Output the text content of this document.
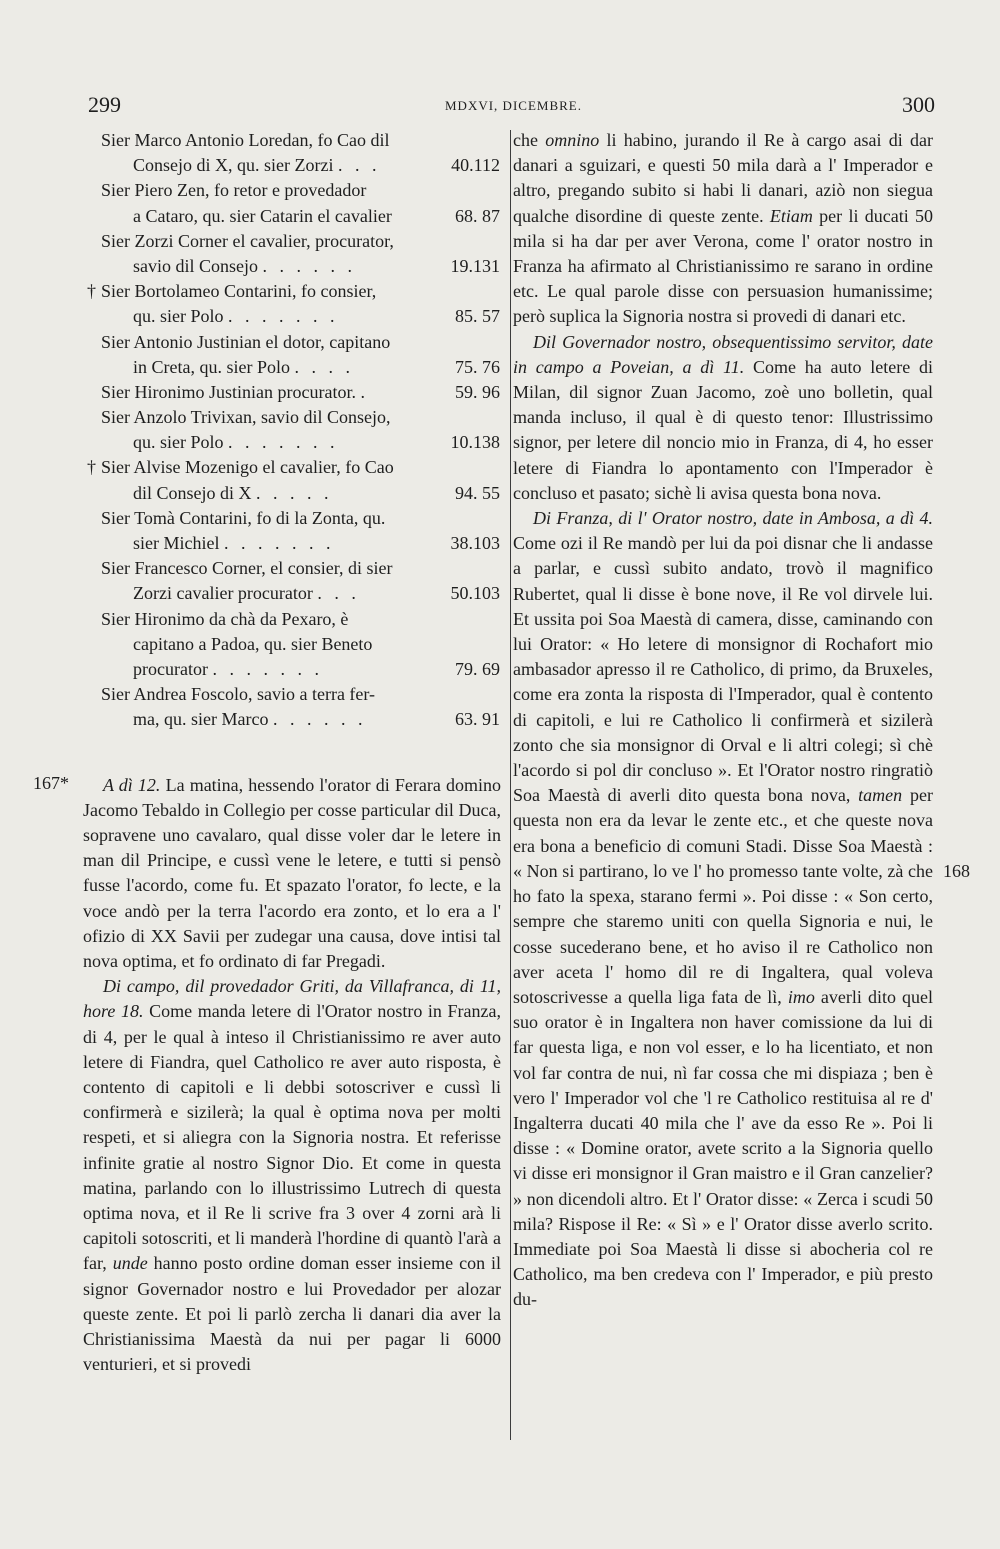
299	MDXVI, DICEMBRE.	300
167*
168
Sier Marco Antonio Loredan, fo Cao dil
Consejo di X, qu. sier Zorzi . . .	40.112
Sier Piero Zen, fo retor e provedador
a Cataro, qu. sier Catarin el cavalier	68. 87
Sier Zorzi Corner el cavalier, procurator,
savio dil Consejo . . . . . .	19.131
† Sier Bortolameo Contarini, fo consier,
qu. sier Polo . . . . . . .	85. 57
Sier Antonio Justinian el dotor, capitano
in Creta, qu. sier Polo . . . .	75. 76
Sier Hironimo Justinian procurator. .	59. 96
Sier Anzolo Trivixan, savio dil Consejo,
qu. sier Polo . . . . . . .	10.138
† Sier Alvise Mozenigo el cavalier, fo Cao
dil Consejo di X . . . . .	94. 55
Sier Tomà Contarini, fo di la Zonta, qu.
sier Michiel . . . . . . .	38.103
Sier Francesco Corner, el consier, di sier
Zorzi cavalier procurator . . .	50.103
Sier Hironimo da chà da Pexaro, è
capitano a Padoa, qu. sier Beneto
procurator . . . . . . .	79. 69
Sier Andrea Foscolo, savio a terra fer-
ma, qu. sier Marco . . . . . .	63. 91

A dì 12. La matina, hessendo l'orator di Ferara domino Jacomo Tebaldo in Collegio per cosse particular dil Duca, sopravene uno cavalaro, qual disse voler dar le letere in man dil Principe, e cussì vene le letere, e tutti si pensò fusse l'acordo, come fu. Et spazato l'orator, fo lecte, e la voce andò per la terra l'acordo era zonto, et lo era a l' ofizio di XX Savii per zudegar una causa, dove intisi tal nova optima, et fo ordinato di far Pregadi.

Di campo, dil provedador Griti, da Villafranca, di 11, hore 18. Come manda letere di l'Orator nostro in Franza, di 4, per le qual à inteso il Christianissimo re aver auto letere di Fiandra, quel Catholico re aver auto risposta, è contento di capitoli e li debbi sotoscriver e cussì li confirmerà e sizilerà; la qual è optima nova per molti respeti, et si aliegra con la Signoria nostra. Et referisse infinite gratie al nostro Signor Dio. Et come in questa matina, parlando con lo illustrissimo Lutrech di questa optima nova, et il Re li scrive fra 3 over 4 zorni arà li capitoli sotoscriti, et li manderà l'hordine di quantò l'arà a far, unde hanno posto ordine doman esser insieme con il signor Governador nostro e lui Provedador per alozar queste zente. Et poi li parlò zercha li danari dia aver la Christianissima Maestà da nui per pagar li 6000 venturieri, et si provedi

che omnino li habino, jurando il Re à cargo asai di dar danari a sguizari, e questi 50 mila darà a l' Imperador e altro, pregando subito si habi li danari, aziò non siegua qualche disordine di queste zente. Etiam per li ducati 50 mila si ha dar per aver Verona, come l' orator nostro in Franza ha afirmato al Christianissimo re sarano in ordine etc. Le qual parole disse con persuasion humanissime; però suplica la Signoria nostra si provedi di danari etc.

Dil Governador nostro, obsequentissimo servitor, date in campo a Poveian, a dì 11. Come ha auto letere di Milan, dil signor Zuan Jacomo, zoè uno bolletin, qual manda incluso, il qual è di questo tenor: Illustrissimo signor, per letere dil noncio mio in Franza, di 4, ho esser letere di Fiandra lo apontamento con l'Imperador è concluso et pasato; sichè li avisa questa bona nova.

Di Franza, di l' Orator nostro, date in Ambosa, a dì 4. Come ozi il Re mandò per lui da poi disnar che li andasse a parlar, e cussì subito andato, trovò il magnifico Rubertet, qual li disse è bone nove, il Re vol dirvele lui. Et ussita poi Soa Maestà di camera, disse, caminando con lui Orator: « Ho letere di monsignor di Rochafort mio ambasador apresso il re Catholico, di primo, da Bruxeles, come era zonta la risposta di l'Imperador, qual è contento di capitoli, e lui re Catholico li confirmerà et sizilerà zonto che sia monsignor di Orval e li altri colegi; sì chè l'acordo si pol dir concluso ». Et l'Orator nostro ringratiò Soa Maestà di averli dito questa bona nova, tamen per questa non era da levar le zente etc., et che queste nova era bona a beneficio di comuni Stadi. Disse Soa Maestà : « Non si partirano, lo ve l' ho promesso tante volte, zà che ho fato la spexa, starano fermi ». Poi disse : « Son certo, sempre che staremo uniti con quella Signoria e nui, le cosse sucederano bene, et ho aviso il re Catholico non aver aceta l' homo dil re di Ingaltera, qual voleva sotoscrivesse a quella liga fata de lì, imo averli dito quel suo orator è in Ingaltera non haver comissione da lui di far questa liga, e non vol esser, e lo ha licentiato, et non vol far contra de nui, nì far cossa che mi dispiaza ; ben è vero l' Imperador vol che 'l re Catholico restituisa al re d' Ingalterra ducati 40 mila che l' ave da esso Re ». Poi li disse : « Domine orator, avete scrito a la Signoria quello vi disse eri monsignor il Gran maistro e il Gran canzelier? » non dicendoli altro. Et l' Orator disse: « Zerca i scudi 50 mila? Rispose il Re: « Sì » e l' Orator disse averlo scrito. Immediate poi Soa Maestà li disse si abocheria col re Catholico, ma ben credeva con l' Imperador, e più presto du-
